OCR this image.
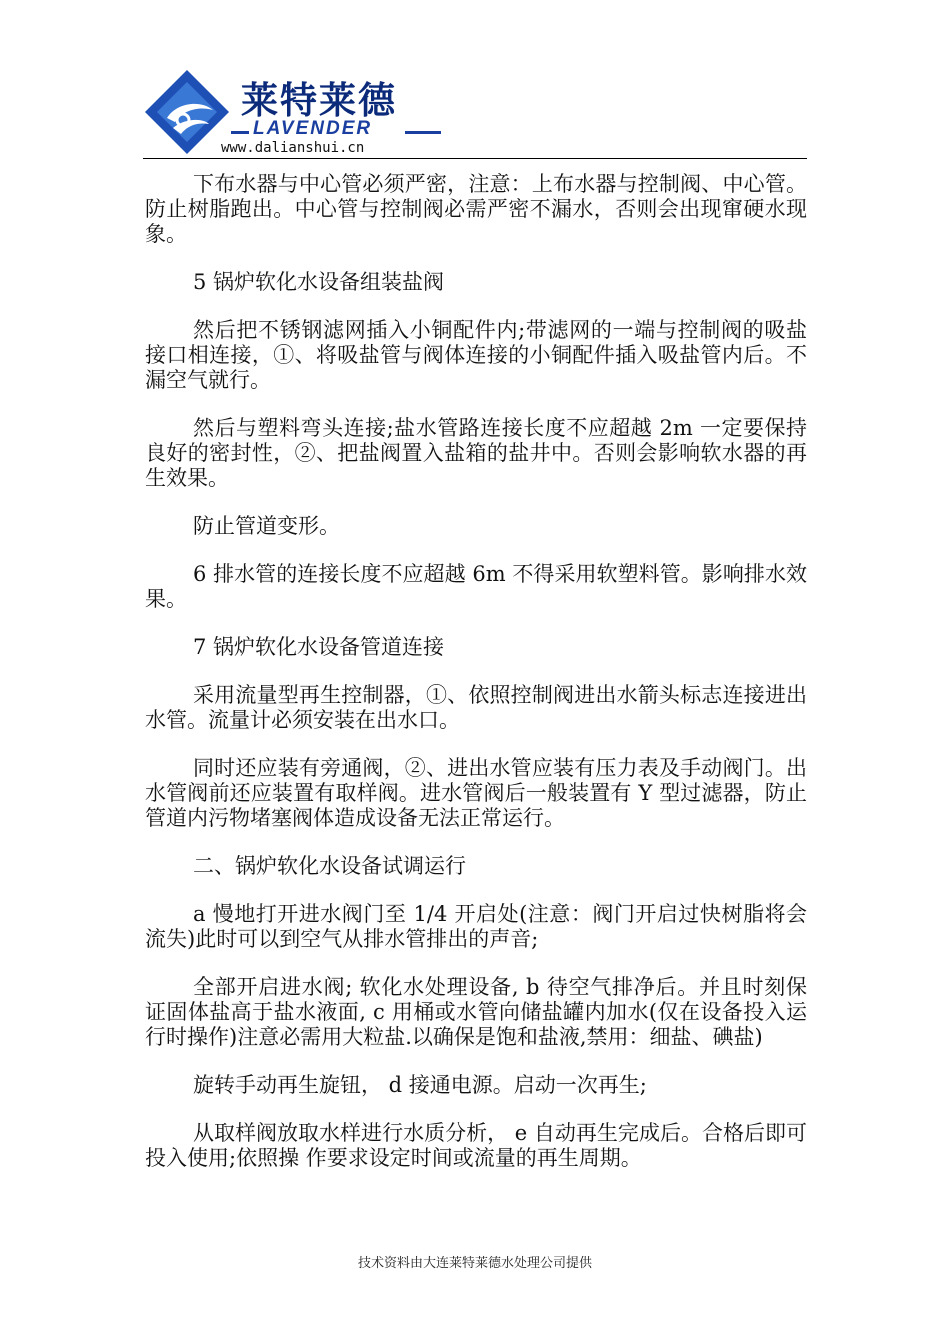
莱特莱德
LAVENDER
www.dalianshui.cn

下布水器与中心管必须严密，注意：上布水器与控制阀、中心管。防止树脂跑出。中心管与控制阀必需严密不漏水，否则会出现窜硬水现象。

5 锅炉软化水设备组装盐阀

然后把不锈钢滤网插入小铜配件内;带滤网的一端与控制阀的吸盐接口相连接，①、将吸盐管与阀体连接的小铜配件插入吸盐管内后。不漏空气就行。

然后与塑料弯头连接;盐水管路连接长度不应超越 2m 一定要保持良好的密封性，②、把盐阀置入盐箱的盐井中。否则会影响软水器的再生效果。

防止管道变形。

6 排水管的连接长度不应超越 6m 不得采用软塑料管。影响排水效果。

7 锅炉软化水设备管道连接

采用流量型再生控制器，①、依照控制阀进出水箭头标志连接进出水管。流量计必须安装在出水口。

同时还应装有旁通阀，②、进出水管应装有压力表及手动阀门。出水管阀前还应装置有取样阀。进水管阀后一般装置有 Y 型过滤器，防止管道内污物堵塞阀体造成设备无法正常运行。

二、锅炉软化水设备试调运行

a 慢地打开进水阀门至 1/4 开启处(注意：阀门开启过快树脂将会流失)此时可以到空气从排水管排出的声音;

全部开启进水阀; 软化水处理设备, b 待空气排净后。并且时刻保证固体盐高于盐水液面, c 用桶或水管向储盐罐内加水(仅在设备投入运行时操作)注意必需用大粒盐.以确保是饱和盐液,禁用：细盐、碘盐)

旋转手动再生旋钮， d 接通电源。启动一次再生;

从取样阀放取水样进行水质分析， e 自动再生完成后。合格后即可投入使用;依照操 作要求设定时间或流量的再生周期。

技术资料由大连莱特莱德水处理公司提供
